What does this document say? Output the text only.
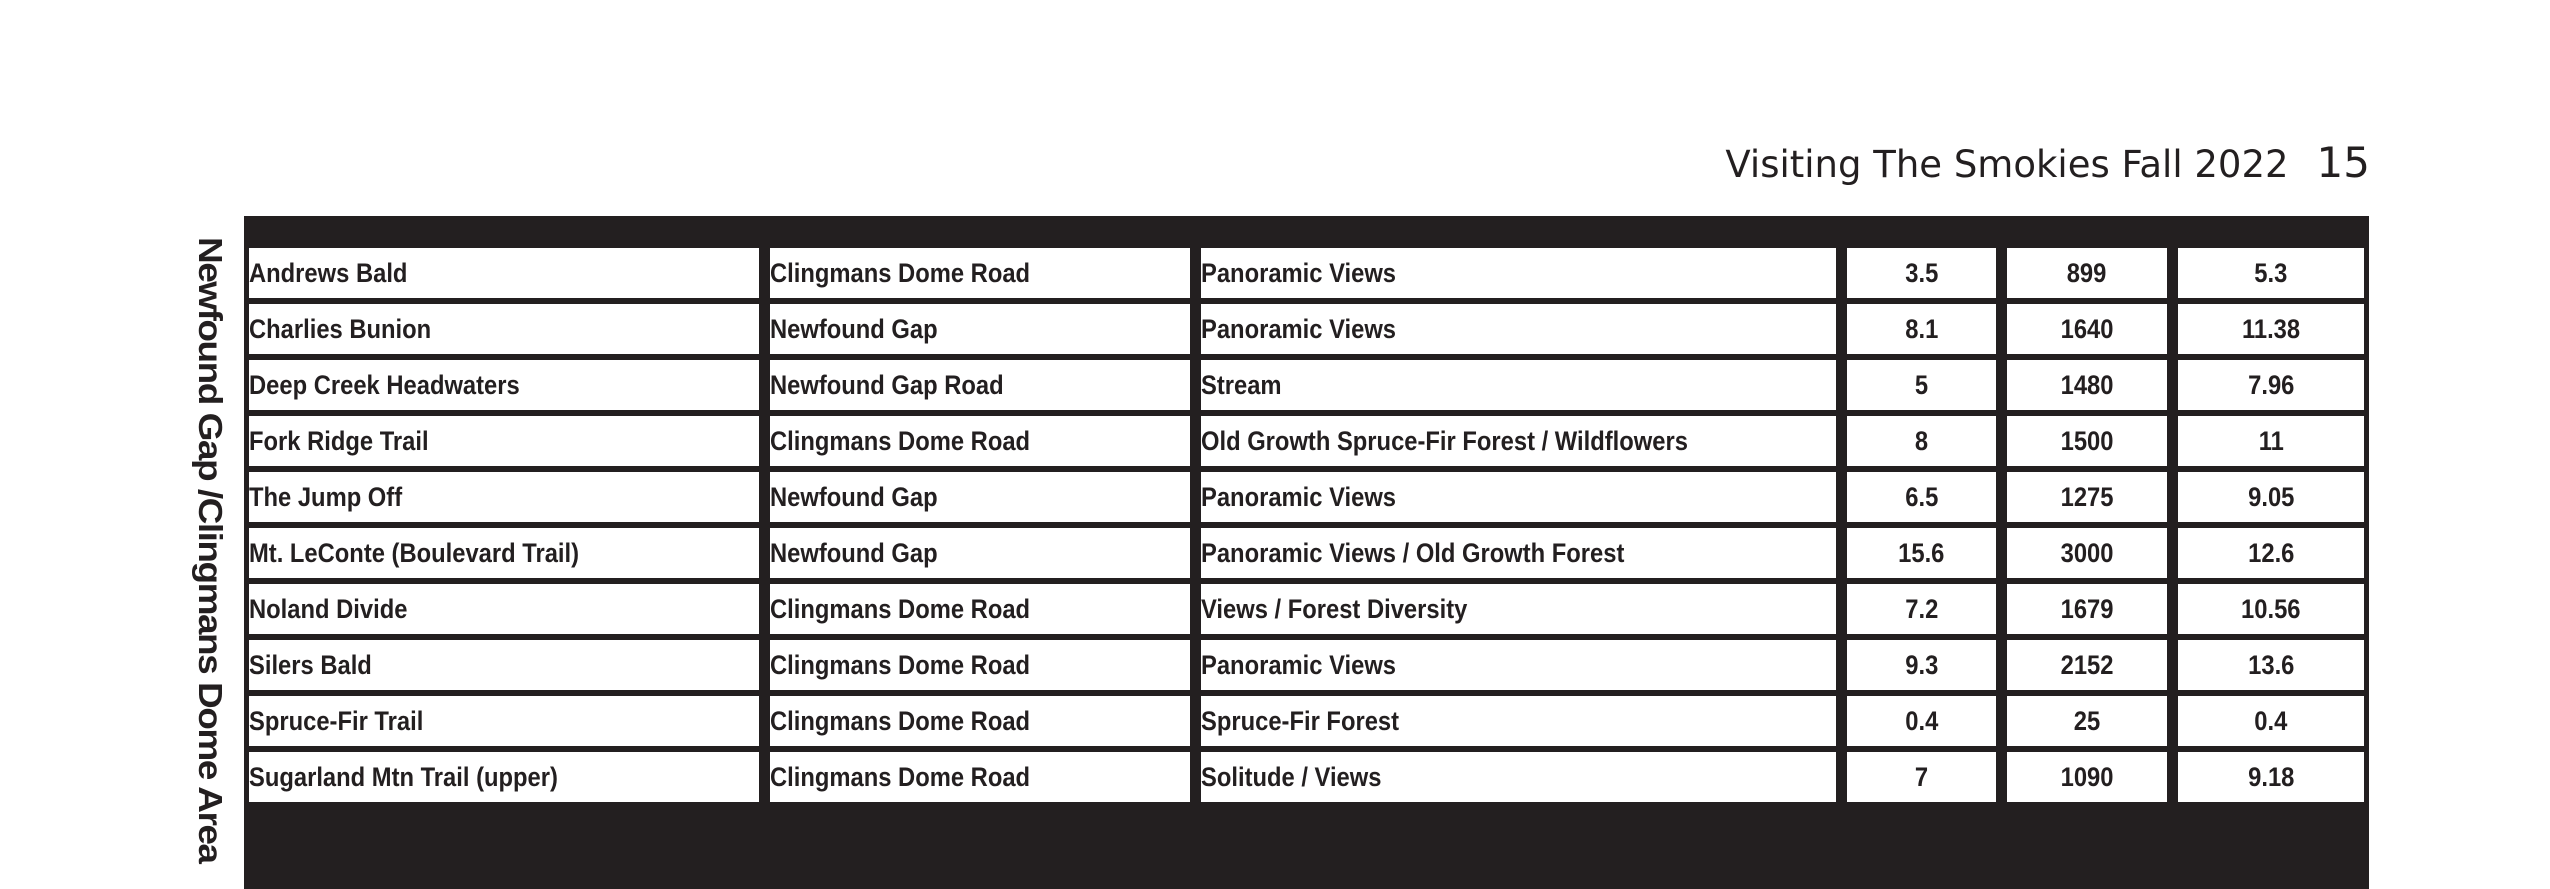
Visiting The Smokies Fall 2022 15
Newfound Gap /Clingmans Dome Area Andrews Bald	Clingmans Dome Road	Panoramic Views	3.5	899	5.3
Charlies Bunion	Newfound Gap	Panoramic Views	8.1	1640	11.38
Deep Creek Headwaters	Newfound Gap Road	Stream	5	1480	7.96
Fork Ridge Trail	Clingmans Dome Road	Old Growth Spruce-Fir Forest / Wildflowers	8	1500	11
The Jump Off	Newfound Gap	Panoramic Views	6.5	1275	9.05
Mt. LeConte (Boulevard Trail)	Newfound Gap	Panoramic Views / Old Growth Forest	15.6	3000	12.6
Noland Divide	Clingmans Dome Road	Views / Forest Diversity	7.2	1679	10.56
Silers Bald	Clingmans Dome Road	Panoramic Views	9.3	2152	13.6
Spruce-Fir Trail	Clingmans Dome Road	Spruce-Fir Forest	0.4	25	0.4
Sugarland Mtn Trail (upper)	Clingmans Dome Road	Solitude / Views	7	1090	9.18
